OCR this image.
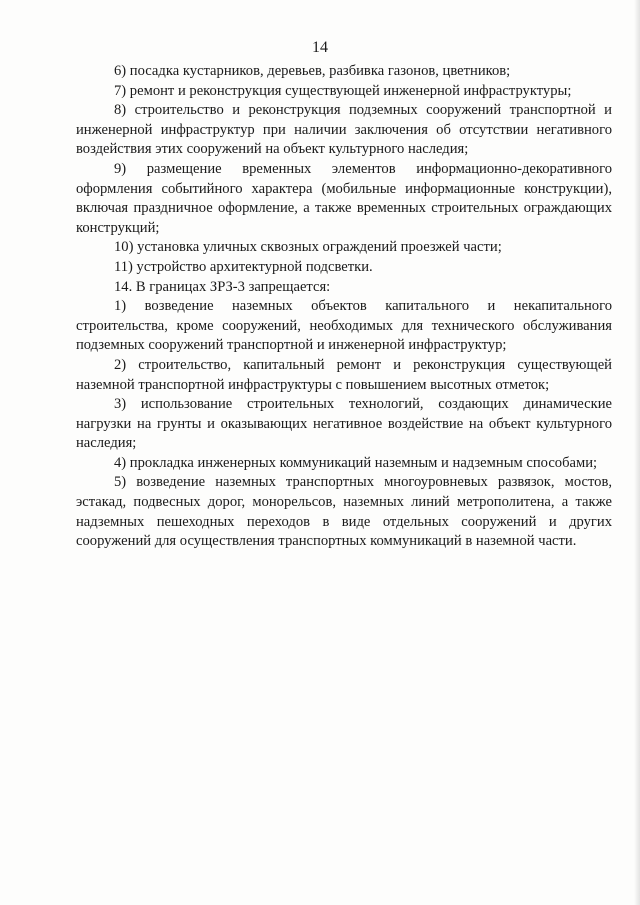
14

6) посадка кустарников, деревьев, разбивка газонов, цветников;

7) ремонт и реконструкция существующей инженерной инфраструктуры;

8) строительство и реконструкция подземных сооружений транспортной и инженерной инфраструктур при наличии заключения об отсутствии негативного воздействия этих сооружений на объект культурного наследия;

9) размещение временных элементов информационно-декоративного оформления событийного характера (мобильные информационные конструкции), включая праздничное оформление, а также временных строительных ограждающих конструкций;

10) установка уличных сквозных ограждений проезжей части;

11) устройство архитектурной подсветки.

14. В границах ЗРЗ-3 запрещается:

1) возведение наземных объектов капитального и некапитального строительства, кроме сооружений, необходимых для технического обслуживания подземных сооружений транспортной и инженерной инфраструктур;

2) строительство, капитальный ремонт и реконструкция существующей наземной транспортной инфраструктуры с повышением высотных отметок;

3) использование строительных технологий, создающих динамические нагрузки на грунты и оказывающих негативное воздействие на объект культурного наследия;

4) прокладка инженерных коммуникаций наземным и надземным способами;

5) возведение наземных транспортных многоуровневых развязок, мостов, эстакад, подвесных дорог, монорельсов, наземных линий метрополитена, а также надземных пешеходных переходов в виде отдельных сооружений и других сооружений для осуществления транспортных коммуникаций в наземной части.
